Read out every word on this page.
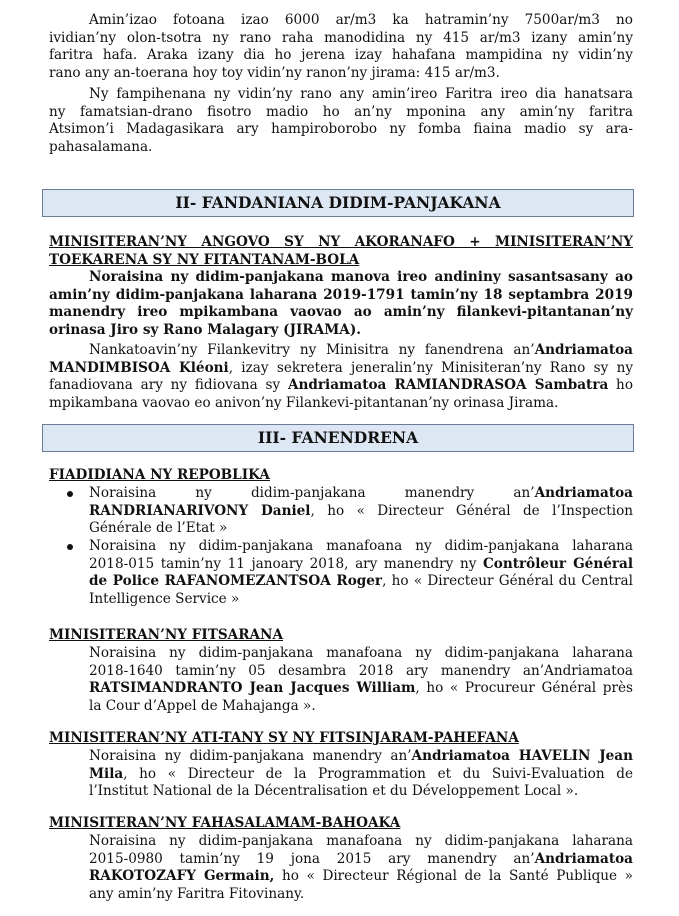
Amin’izao fotoana izao 6000 ar/m3 ka hatramin’ny 7500ar/m3 no

ividian’ny olon-tsotra ny rano raha manodidina ny 415 ar/m3 izany amin’ny

faritra hafa. Araka izany dia ho jerena izay hahafana mampidina ny vidin’ny

rano any an-toerana hoy toy vidin’ny ranon’ny jirama: 415 ar/m3.

Ny fampihenana ny vidin’ny rano any amin’ireo Faritra ireo dia hanatsara

ny famatsian-drano fisotro madio ho an’ny mponina any amin’ny faritra

Atsimon’i Madagasikara ary hampiroborobo ny fomba fiaina madio sy ara-

pahasalamana.

II- FANDANIANA DIDIM-PANJAKANA

MINISITERAN’NY ANGOVO SY NY AKORANAFO + MINISITERAN’NY

TOEKARENA SY NY FITANTANAM-BOLA

Noraisina ny didim-panjakana manova ireo andininy sasantsasany ao

amin’ny didim-panjakana laharana 2019-1791 tamin’ny 18 septambra 2019

manendry ireo mpikambana vaovao ao amin’ny filankevi-pitantanan’ny

orinasa Jiro sy Rano Malagary (JIRAMA).

Nankatoavin’ny Filankevitry ny Minisitra ny fanendrena an’Andriamatoa

MANDIMBISOA Kléoni, izay sekretera jeneralin’ny Minisiteran’ny Rano sy ny

fanadiovana ary ny fidiovana sy Andriamatoa RAMIANDRASOA Sambatra ho

mpikambana vaovao eo anivon’ny Filankevi-pitantanan’ny orinasa Jirama.

III- FANENDRENA
FIADIDIANA NY REPOBLIKA

Noraisina ny didim-panjakana manendry an’Andriamatoa

RANDRIANARIVONY Daniel, ho « Directeur Général de l’Inspection

Générale de l’Etat »

Noraisina ny didim-panjakana manafoana ny didim-panjakana laharana

2018-015 tamin’ny 11 janoary 2018, ary manendry ny Contrôleur Général

de Police RAFANOMEZANTSOA Roger, ho « Directeur Général du Central

Intelligence Service »

MINISITERAN’NY FITSARANA

Noraisina ny didim-panjakana manafoana ny didim-panjakana laharana

2018-1640 tamin’ny 05 desambra 2018 ary manendry an’Andriamatoa

RATSIMANDRANTO Jean Jacques William, ho « Procureur Général près

la Cour d’Appel de Mahajanga ».

MINISITERAN’NY ATI-TANY SY NY FITSINJARAM-PAHEFANA

Noraisina ny didim-panjakana manendry an’Andriamatoa HAVELIN Jean

Mila, ho « Directeur de la Programmation et du Suivi-Evaluation de

l’Institut National de la Décentralisation et du Développement Local ».

MINISITERAN’NY FAHASALAMAM-BAHOAKA

Noraisina ny didim-panjakana manafoana ny didim-panjakana laharana

2015-0980 tamin’ny 19 jona 2015 ary manendry an’Andriamatoa

RAKOTOZAFY Germain, ho « Directeur Régional de la Santé Publique »

any amin’ny Faritra Fitovinany.
